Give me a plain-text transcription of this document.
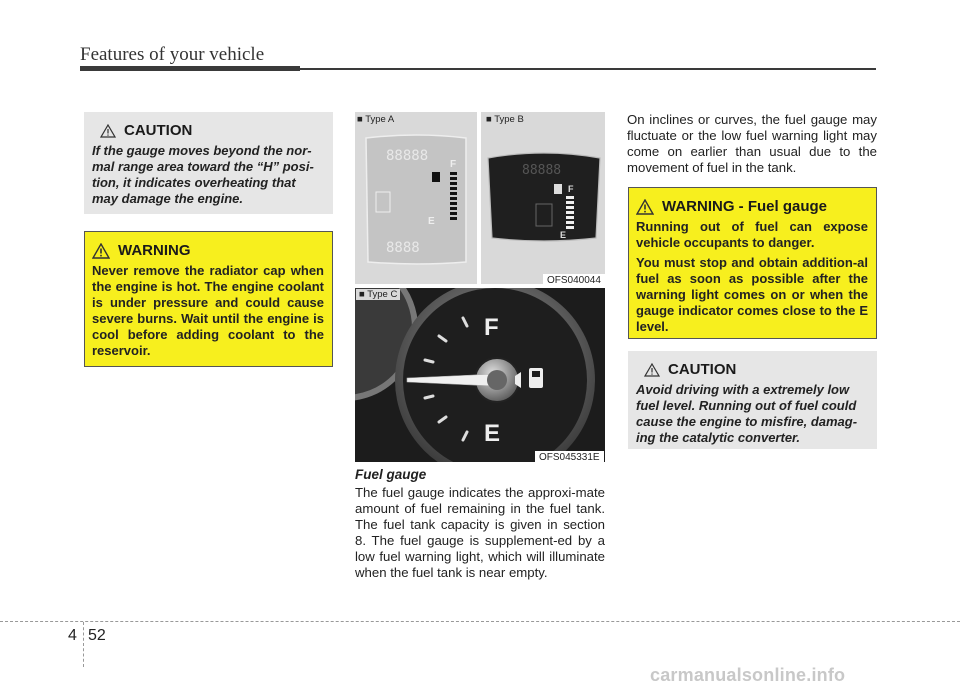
Features of your vehicle
CAUTION
If the gauge moves beyond the nor-mal range area toward the “H” posi-tion, it indicates overheating that may damage the engine.
WARNING
Never remove the radiator cap when the engine is hot. The engine coolant is under pressure and could cause severe burns. Wait until the engine is cool before adding coolant to the reservoir.
■ Type A	■ Type B
88888
F
E
8888
88888
F
E
OFS040044
F
E
■ Type C
OFS045331E
Fuel gauge
The fuel gauge indicates the approxi-mate amount of fuel remaining in the fuel tank. The fuel tank capacity is given in section 8. The fuel gauge is supplement-ed by a low fuel warning light, which will illuminate when the fuel tank is near empty.
On inclines or curves, the fuel gauge may fluctuate or the low fuel warning light may come on earlier than usual due to the movement of fuel in the tank.
WARNING - Fuel gauge
Running out of fuel can expose vehicle occupants to danger.
You must stop and obtain addition-al fuel as soon as possible after the warning light comes on or when the gauge indicator comes close to the E level.
CAUTION
Avoid driving with a extremely low fuel level. Running out of fuel could cause the engine to misfire, damag-ing the catalytic converter.
4 52
carmanualsonline.info
